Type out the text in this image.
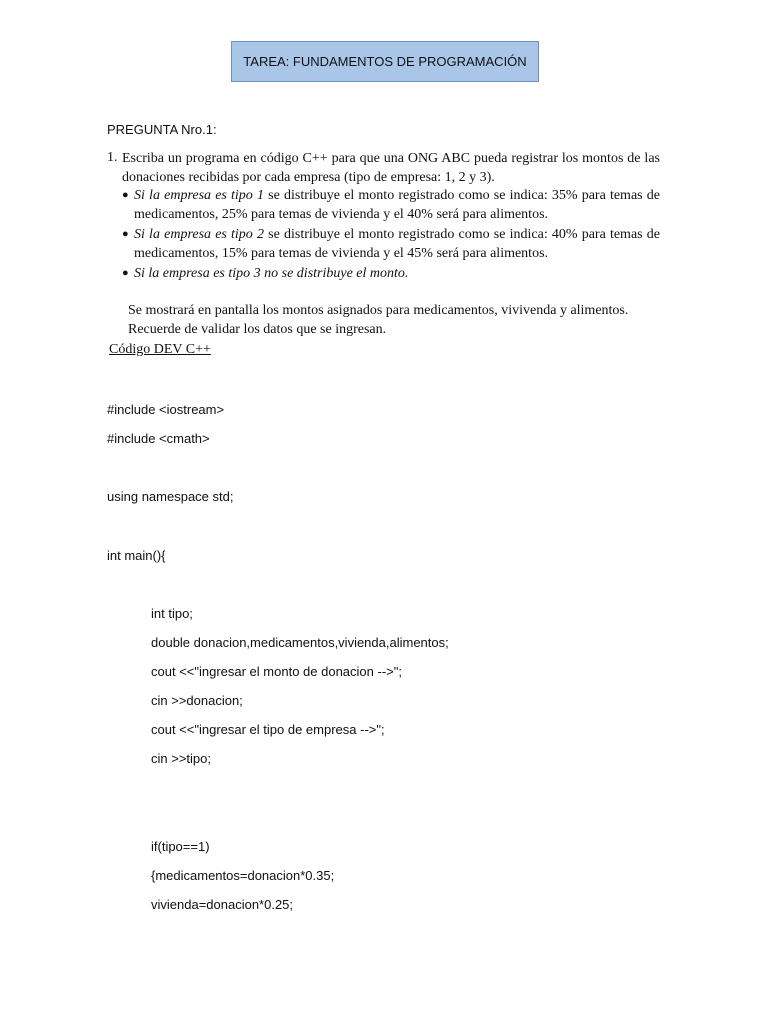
TAREA: FUNDAMENTOS DE PROGRAMACIÓN
PREGUNTA Nro.1:
1. Escriba un programa en código C++ para que una ONG ABC pueda registrar los montos de las donaciones recibidas por cada empresa (tipo de empresa: 1, 2 y 3).
● Si la empresa es tipo 1 se distribuye el monto registrado como se indica: 35% para temas de medicamentos, 25% para temas de vivienda y el 40% será para alimentos.
● Si la empresa es tipo 2 se distribuye el monto registrado como se indica: 40% para temas de medicamentos, 15% para temas de vivienda y el 45% será para alimentos.
● Si la empresa es tipo 3 no se distribuye el monto.
Se mostrará en pantalla los montos asignados para medicamentos, vivivenda y alimentos.
Recuerde de validar los datos que se ingresan.
Código DEV C++
#include <iostream>
#include <cmath>
using namespace std;
int main(){
int tipo;
double donacion,medicamentos,vivienda,alimentos;
cout <<"ingresar el monto de donacion -->";
cin >>donacion;
cout <<"ingresar el tipo de empresa -->";
cin >>tipo;
if(tipo==1)
{medicamentos=donacion*0.35;
vivienda=donacion*0.25;
